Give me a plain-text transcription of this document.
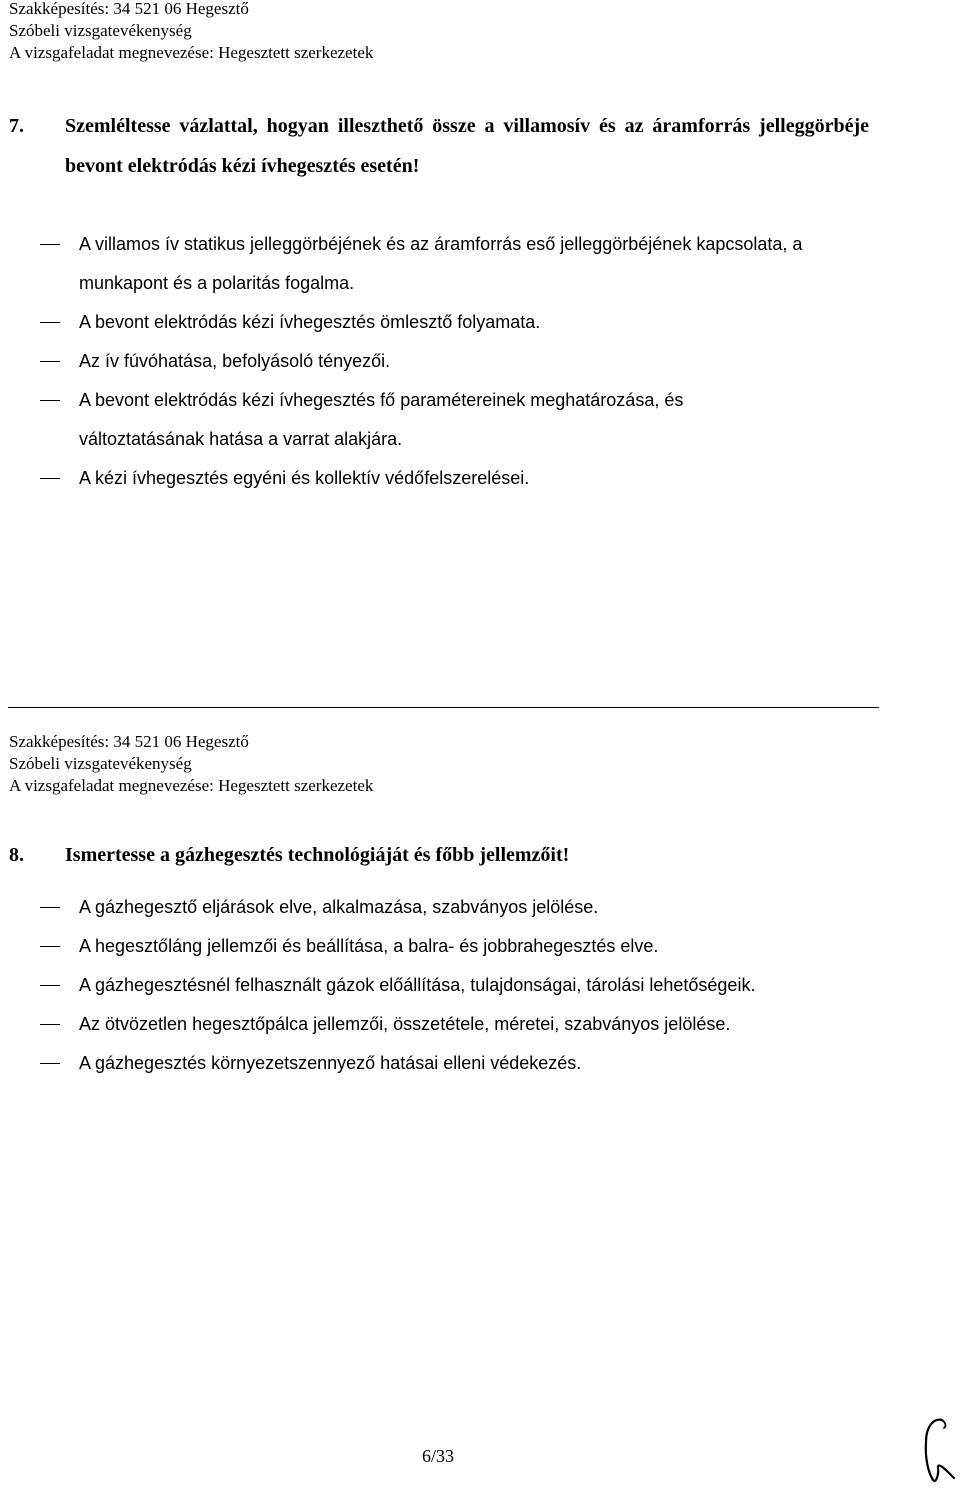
Szakképesítés: 34 521 06 Hegesztő
Szóbeli vizsgatevékenység
A vizsgafeladat megnevezése: Hegesztett szerkezetek
7. Szemléltesse vázlattal, hogyan illeszthető össze a villamosív és az áramforrás jelleggörbéje bevont elektródás kézi ívhegesztés esetén!
A villamos ív statikus jelleggörbéjének és az áramforrás eső jelleggörbéjének kapcsolata, a munkapont és a polaritás fogalma.
A bevont elektródás kézi ívhegesztés ömlesztő folyamata.
Az ív fúvóhatása, befolyásoló tényezői.
A bevont elektródás kézi ívhegesztés fő paramétereinek meghatározása, és változtatásának hatása a varrat alakjára.
A kézi ívhegesztés egyéni és kollektív védőfelszerelései.
Szakképesítés: 34 521 06 Hegesztő
Szóbeli vizsgatevékenység
A vizsgafeladat megnevezése: Hegesztett szerkezetek
8. Ismertesse a gázhegesztés technológiáját és főbb jellemzőit!
A gázhegesztő eljárások elve, alkalmazása, szabványos jelölése.
A hegesztőláng jellemzői és beállítása, a balra- és jobbrahegesztés elve.
A gázhegesztésnél felhasznált gázok előállítása, tulajdonságai, tárolási lehetőségeik.
Az ötvözetlen hegesztőpálca jellemzői, összetétele, méretei, szabványos jelölése.
A gázhegesztés környezetszennyező hatásai elleni védekezés.
6/33
